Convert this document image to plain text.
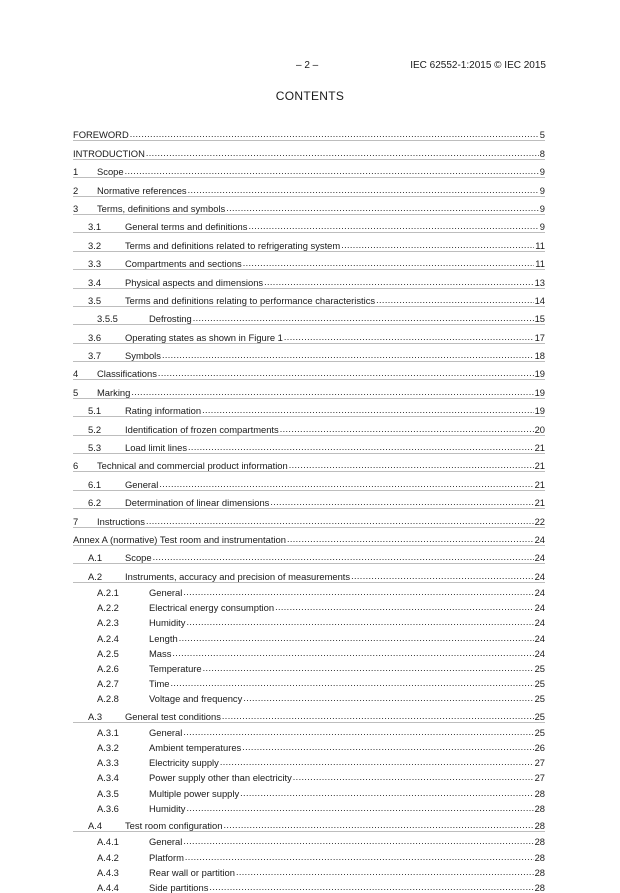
– 2 –	IEC 62552-1:2015 © IEC 2015
CONTENTS
FOREWORD .....	5
INTRODUCTION .....	8
1	Scope .....	9
2	Normative references .....	9
3	Terms, definitions and symbols .....	9
3.1	General terms and definitions .....	9
3.2	Terms and definitions related to refrigerating system .....	11
3.3	Compartments and sections .....	11
3.4	Physical aspects and dimensions .....	13
3.5	Terms and definitions relating to performance characteristics .....	14
3.5.5	Defrosting .....	15
3.6	Operating states as shown in Figure 1 .....	17
3.7	Symbols .....	18
4	Classifications .....	19
5	Marking .....	19
5.1	Rating information .....	19
5.2	Identification of frozen compartments .....	20
5.3	Load limit lines .....	21
6	Technical and commercial product information .....	21
6.1	General .....	21
6.2	Determination of linear dimensions .....	21
7	Instructions .....	22
Annex A (normative) Test room and instrumentation .....	24
A.1	Scope .....	24
A.2	Instruments, accuracy and precision of measurements .....	24
A.2.1	General .....	24
A.2.2	Electrical energy consumption .....	24
A.2.3	Humidity .....	24
A.2.4	Length .....	24
A.2.5	Mass .....	24
A.2.6	Temperature .....	25
A.2.7	Time .....	25
A.2.8	Voltage and frequency .....	25
A.3	General test conditions .....	25
A.3.1	General .....	25
A.3.2	Ambient temperatures .....	26
A.3.3	Electricity supply .....	27
A.3.4	Power supply other than electricity .....	27
A.3.5	Multiple power supply .....	28
A.3.6	Humidity .....	28
A.4	Test room configuration .....	28
A.4.1	General .....	28
A.4.2	Platform .....	28
A.4.3	Rear wall or partition .....	28
A.4.4	Side partitions .....	28
